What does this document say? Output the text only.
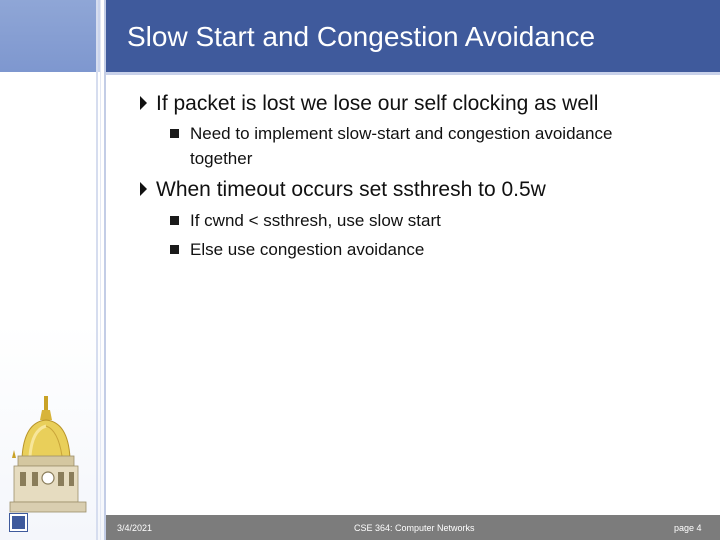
Slow Start and Congestion Avoidance
If packet is lost we lose our self clocking as well
Need to implement slow-start and congestion avoidance
together
When timeout occurs set ssthresh to 0.5w
If cwnd < ssthresh, use slow start
Else use congestion avoidance
3/4/2021	CSE 364: Computer Networks	page 4
